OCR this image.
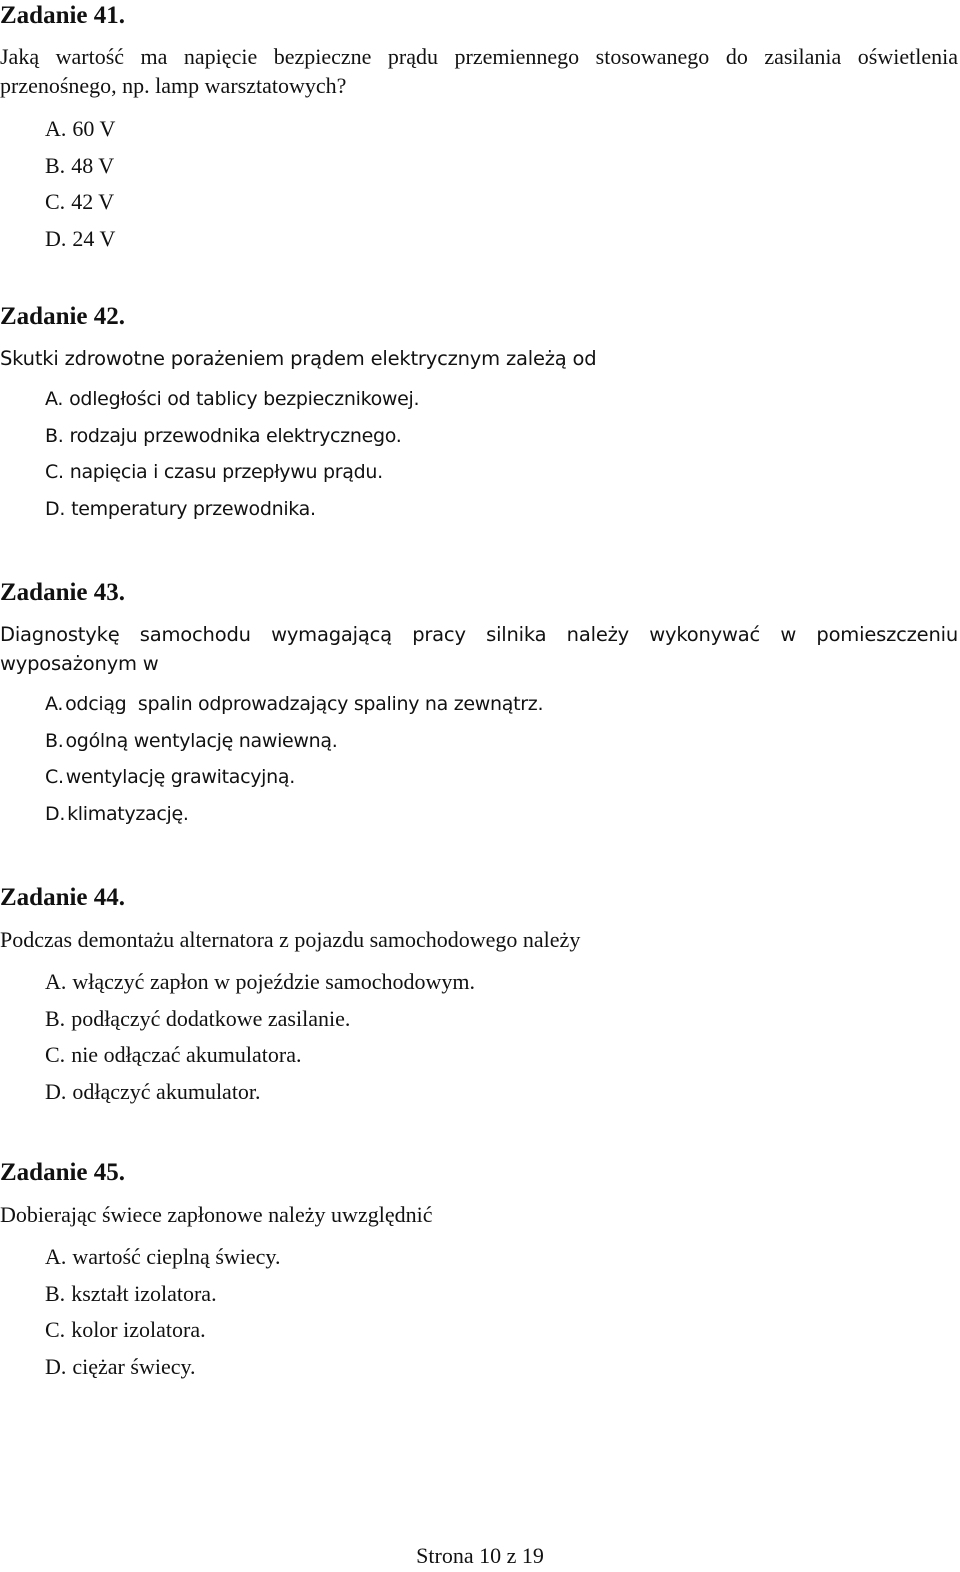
Zadanie 41.

Jaką wartość ma napięcie bezpieczne prądu przemiennego stosowanego do zasilania oświetlenia przenośnego, np. lamp warsztatowych?

A. 60 V
B. 48 V
C. 42 V
D. 24 V
Zadanie 42.

Skutki zdrowotne porażeniem prądem elektrycznym zależą od

A. odległości od tablicy bezpiecznikowej.
B. rodzaju przewodnika elektrycznego.
C. napięcia i czasu przepływu prądu.
D. temperatury przewodnika.
Zadanie 43.

Diagnostykę samochodu wymagającą pracy silnika należy wykonywać w pomieszczeniu wyposażonym w

A. odciąg  spalin odprowadzający spaliny na zewnątrz.
B. ogólną wentylację nawiewną.
C. wentylację grawitacyjną.
D. klimatyzację.
Zadanie 44.

Podczas demontażu alternatora z pojazdu samochodowego należy

A. włączyć zapłon w pojeździe samochodowym.
B. podłączyć dodatkowe zasilanie.
C. nie odłączać akumulatora.
D. odłączyć akumulator.
Zadanie 45.

Dobierając świece zapłonowe należy uwzględnić

A. wartość cieplną świecy.
B. kształt izolatora.
C. kolor izolatora.
D. ciężar świecy.
Strona 10 z 19
